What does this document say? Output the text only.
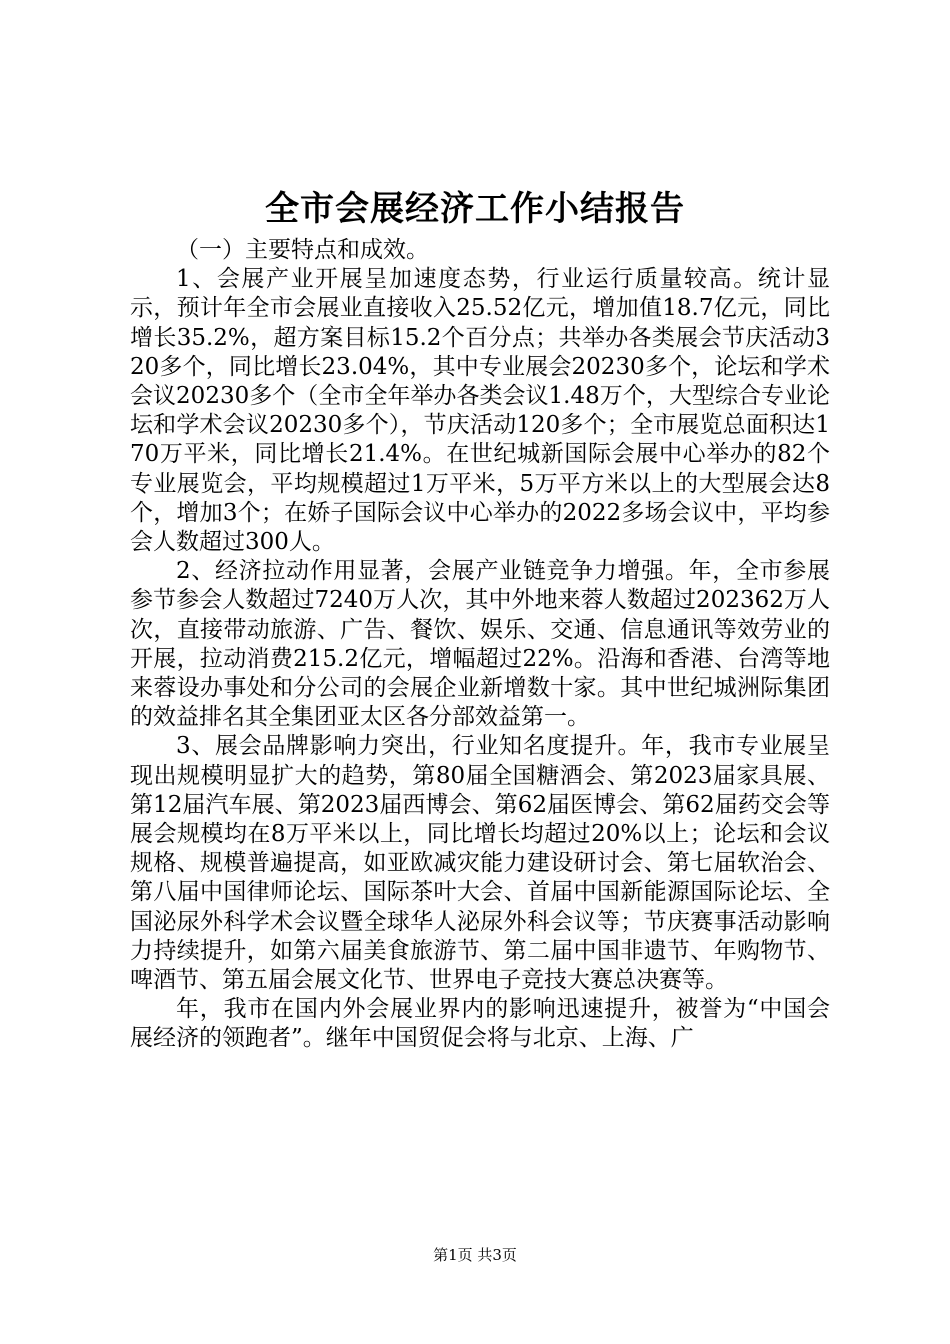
全市会展经济工作小结报告

（一）主要特点和成效。

1、会展产业开展呈加速度态势，行业运行质量较高。统计显示，预计年全市会展业直接收入25.52亿元，增加值18.7亿元，同比增长35.2%，超方案目标15.2个百分点；共举办各类展会节庆活动320多个，同比增长23.04%，其中专业展会20230多个，论坛和学术会议20230多个（全市全年举办各类会议1.48万个，大型综合专业论坛和学术会议20230多个），节庆活动120多个；全市展览总面积达170万平米，同比增长21.4%。在世纪城新国际会展中心举办的82个专业展览会，平均规模超过1万平米，5万平方米以上的大型展会达8个，增加3个；在娇子国际会议中心举办的2022多场会议中，平均参会人数超过300人。

2、经济拉动作用显著，会展产业链竞争力增强。年，全市参展参节参会人数超过7240万人次，其中外地来蓉人数超过202362万人次，直接带动旅游、广告、餐饮、娱乐、交通、信息通讯等效劳业的开展，拉动消费215.2亿元，增幅超过22%。沿海和香港、台湾等地来蓉设办事处和分公司的会展企业新增数十家。其中世纪城洲际集团的效益排名其全集团亚太区各分部效益第一。

3、展会品牌影响力突出，行业知名度提升。年，我市专业展呈现出规模明显扩大的趋势，第80届全国糖酒会、第2023届家具展、第12届汽车展、第2023届西博会、第62届医博会、第62届药交会等展会规模均在8万平米以上，同比增长均超过20%以上；论坛和会议规格、规模普遍提高，如亚欧减灾能力建设研讨会、第七届软治会、第八届中国律师论坛、国际茶叶大会、首届中国新能源国际论坛、全国泌尿外科学术会议暨全球华人泌尿外科会议等；节庆赛事活动影响力持续提升，如第六届美食旅游节、第二届中国非遗节、年购物节、啤酒节、第五届会展文化节、世界电子竞技大赛总决赛等。

年，我市在国内外会展业界内的影响迅速提升，被誉为“中国会展经济的领跑者”。继年中国贸促会将与北京、上海、广

第1页 共3页
